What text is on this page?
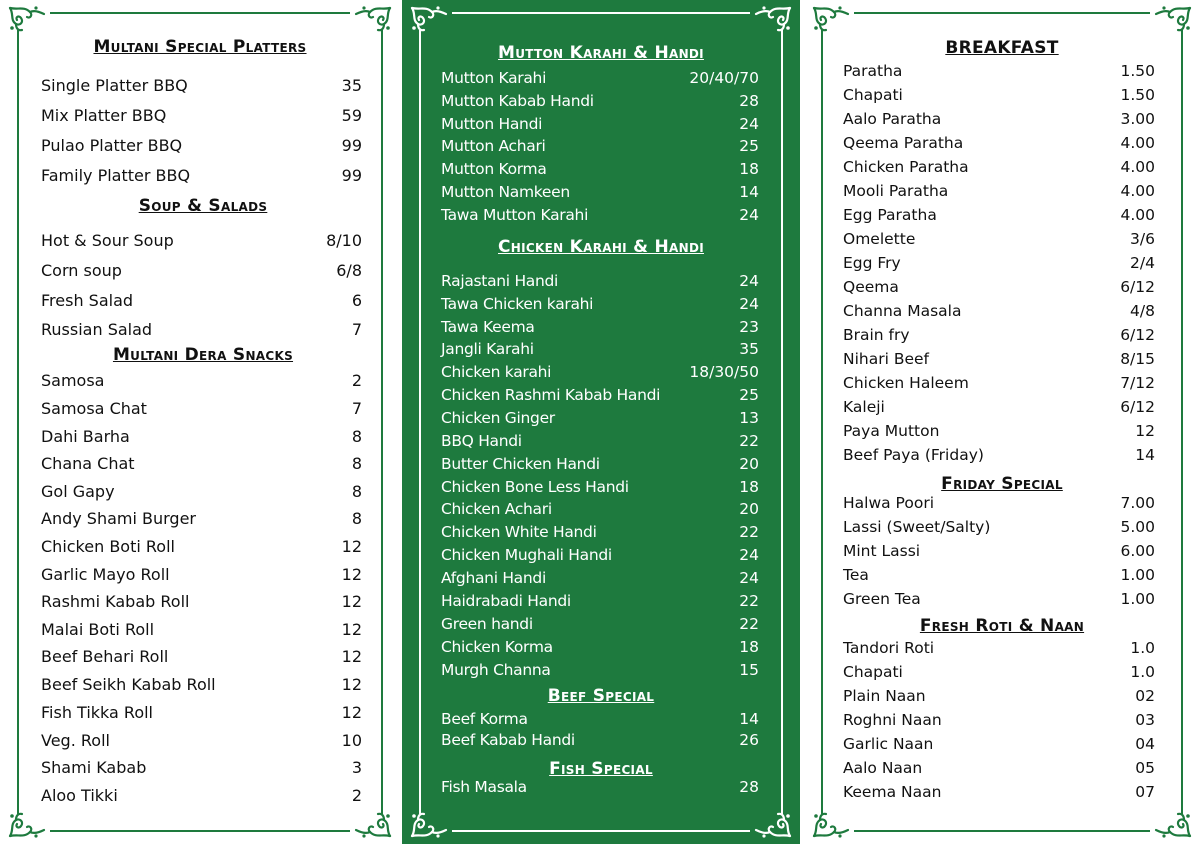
Multani Special Platters
Single Platter BBQ	35
Mix Platter BBQ	59
Pulao Platter BBQ	99
Family Platter BBQ	99
Soup & Salads
Hot & Sour Soup	8/10
Corn soup	6/8
Fresh Salad	6
Russian Salad	7
Multani Dera Snacks
Samosa	2
Samosa Chat	7
Dahi Barha	8
Chana Chat	8
Gol Gapy	8
Andy Shami Burger	8
Chicken Boti Roll	12
Garlic Mayo Roll	12
Rashmi Kabab Roll	12
Malai Boti Roll	12
Beef Behari Roll	12
Beef Seikh Kabab Roll	12
Fish Tikka Roll	12
Veg. Roll	10
Shami Kabab	3
Aloo Tikki	2
Mutton Karahi & Handi
Mutton Karahi	20/40/70
Mutton Kabab Handi	28
Mutton Handi	24
Mutton Achari	25
Mutton Korma	18
Mutton Namkeen	14
Tawa Mutton Karahi	24
Chicken Karahi & Handi
Rajastani Handi	24
Tawa Chicken karahi	24
Tawa Keema	23
Jangli Karahi	35
Chicken karahi	18/30/50
Chicken Rashmi Kabab Handi	25
Chicken Ginger	13
BBQ Handi	22
Butter Chicken Handi	20
Chicken Bone Less Handi	18
Chicken Achari	20
Chicken White Handi	22
Chicken Mughali Handi	24
Afghani Handi	24
Haidrabadi Handi	22
Green handi	22
Chicken Korma	18
Murgh Channa	15
Beef Special
Beef Korma	14
Beef Kabab Handi	26
Fish Special
Fish Masala	28
BREAKFAST
Paratha	1.50
Chapati	1.50
Aalo Paratha	3.00
Qeema Paratha	4.00
Chicken Paratha	4.00
Mooli Paratha	4.00
Egg Paratha	4.00
Omelette	3/6
Egg Fry	2/4
Qeema	6/12
Channa Masala	4/8
Brain fry	6/12
Nihari Beef	8/15
Chicken Haleem	7/12
Kaleji	6/12
Paya Mutton	12
Beef Paya (Friday)	14
Friday Special
Halwa Poori	7.00
Lassi (Sweet/Salty)	5.00
Mint Lassi	6.00
Tea	1.00
Green Tea	1.00
Fresh Roti & Naan
Tandori Roti	1.0
Chapati	1.0
Plain Naan	02
Roghni Naan	03
Garlic Naan	04
Aalo Naan	05
Keema Naan	07
